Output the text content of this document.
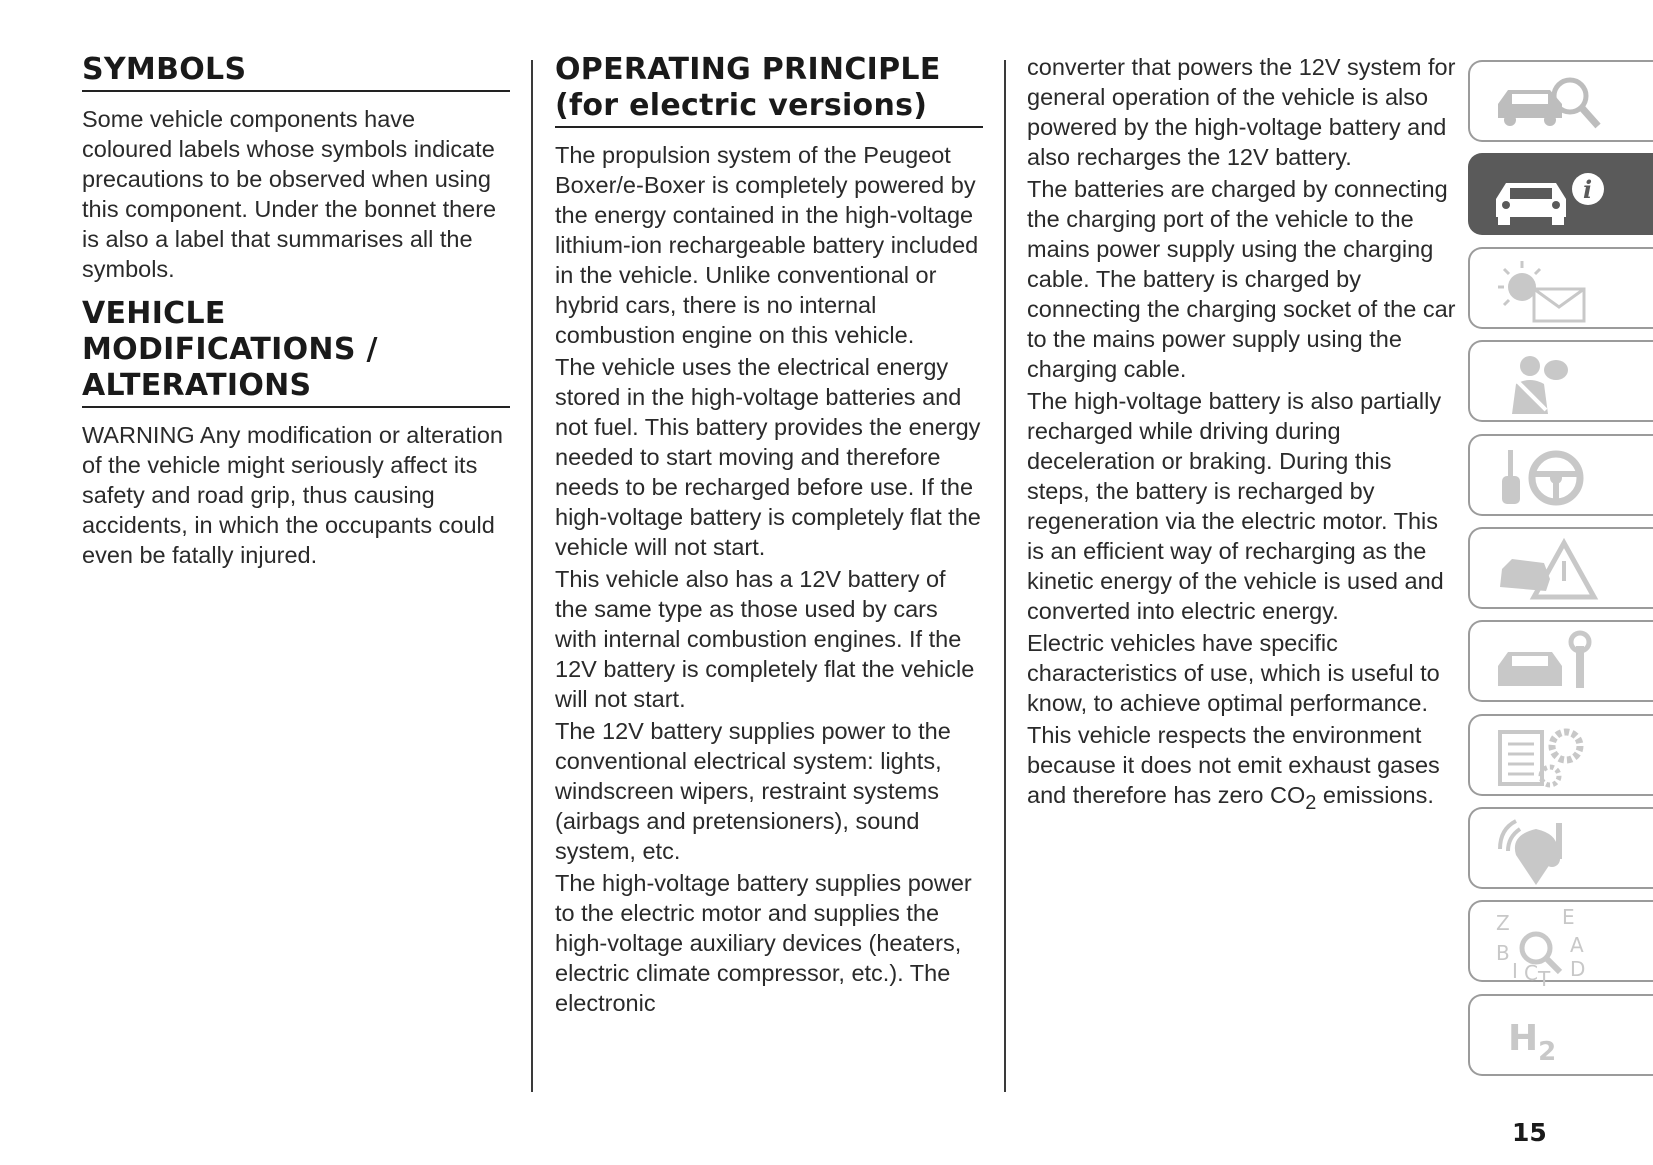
SYMBOLS

Some vehicle components have coloured labels whose symbols indicate precautions to be observed when using this component. Under the bonnet there is also a label that summarises all the symbols.

VEHICLE MODIFICATIONS / ALTERATIONS

WARNING Any modification or alteration of the vehicle might seriously affect its safety and road grip, thus causing accidents, in which the occupants could even be fatally injured.

OPERATING PRINCIPLE (for electric versions)

The propulsion system of the Peugeot Boxer/e-Boxer is completely powered by the energy contained in the high-voltage lithium-ion rechargeable battery included in the vehicle. Unlike conventional or hybrid cars, there is no internal combustion engine on this vehicle.

The vehicle uses the electrical energy stored in the high-voltage batteries and not fuel. This battery provides the energy needed to start moving and therefore needs to be recharged before use. If the high-voltage battery is completely flat the vehicle will not start.

This vehicle also has a 12V battery of the same type as those used by cars with internal combustion engines. If the 12V battery is completely flat the vehicle will not start.

The 12V battery supplies power to the conventional electrical system: lights, windscreen wipers, restraint systems (airbags and pretensioners), sound system, etc.

The high-voltage battery supplies power to the electric motor and supplies the high-voltage auxiliary devices (heaters, electric climate compressor, etc.). The electronic

converter that powers the 12V system for general operation of the vehicle is also powered by the high-voltage battery and also recharges the 12V battery.

The batteries are charged by connecting the charging port of the vehicle to the mains power supply using the charging cable. The battery is charged by connecting the charging socket of the car to the mains power supply using the charging cable.

The high-voltage battery is also partially recharged while driving during deceleration or braking. During this steps, the battery is recharged by regeneration via the electric motor. This is an efficient way of recharging as the kinetic energy of the vehicle is used and converted into electric energy.

Electric vehicles have specific characteristics of use, which is useful to know, to achieve optimal performance.

This vehicle respects the environment because it does not emit exhaust gases and therefore has zero $CO_2$ emissions.

i
Z	E
B	A
I C T D
$H_2$
15
